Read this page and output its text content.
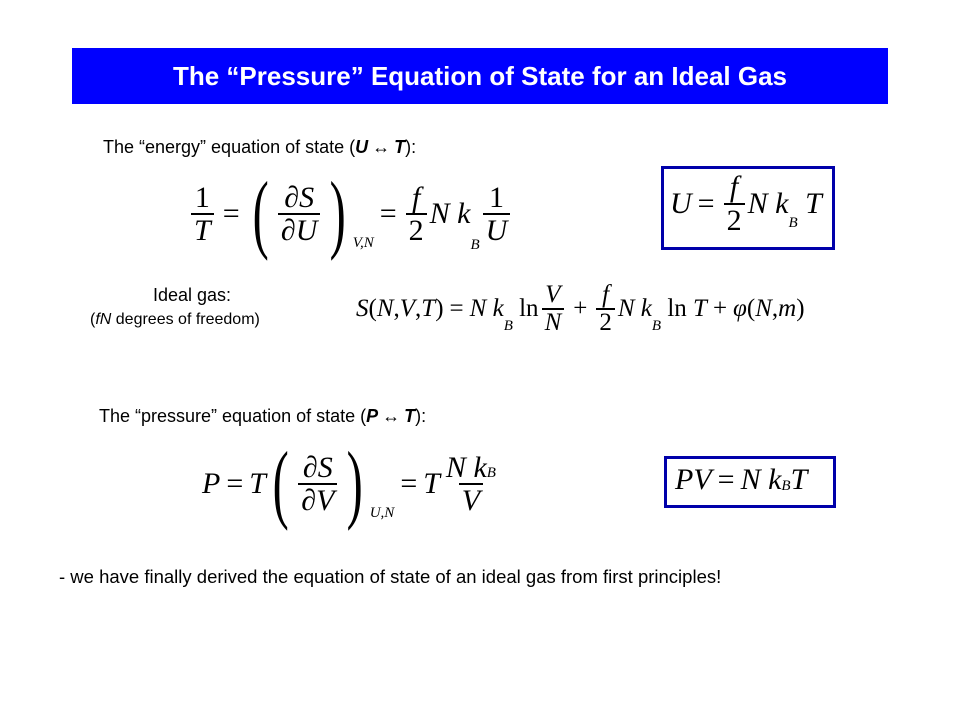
The “Pressure” Equation of State for an Ideal Gas
The “energy” equation of state (U ↔ T):
$\frac{1}{T}$ = ( $\frac{\partial S}{\partial U}$ ) V,N
= $\frac{f}{2}$ N
k
B $\frac{1}{U}$	$U = \frac{f}{2}$ N
k
B

T
Ideal gas:
(fN degrees of freedom)	S ( N , V , T ) = N
k
B
$\ln \frac{V}{N} + \frac{f}{2}$ N
k
B
ln T + φ ( N , m )
The “pressure” equation of state (P ↔ T):
P = T ( $\frac{\partial S}{\partial V}$ ) U,N
= T $\frac{\text{N kB}}{V}$	PV = N
k B T
- we have finally derived the equation of state of an ideal gas from first principles!
